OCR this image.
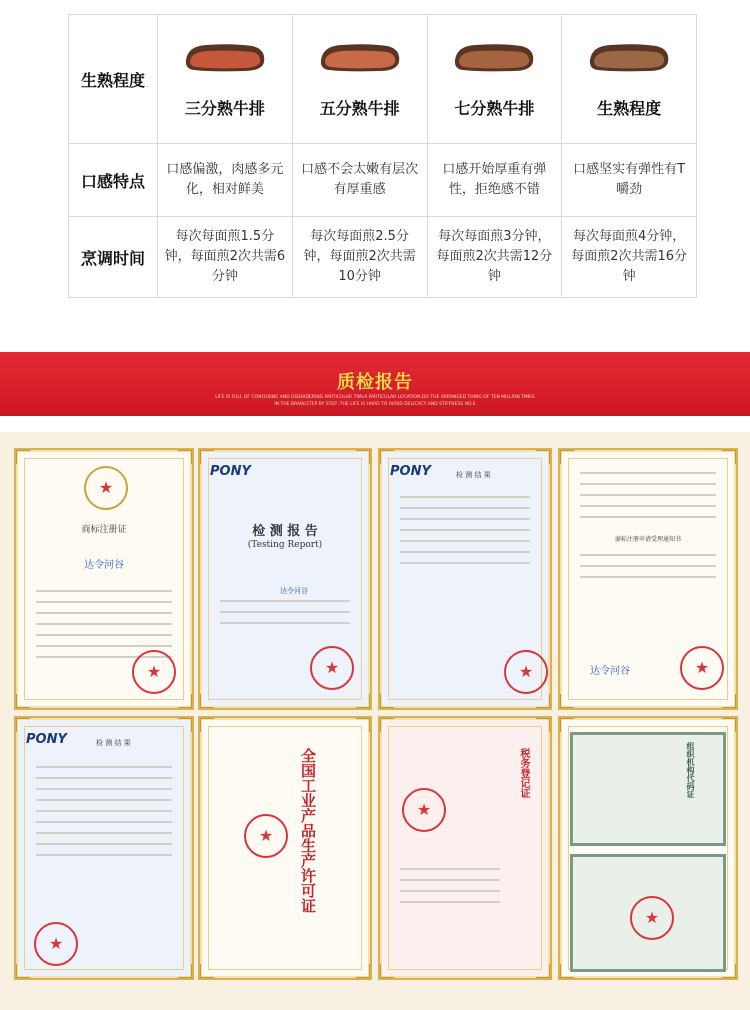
生熟程度	三分熟牛排	五分熟牛排	七分熟牛排	生熟程度

口感特点	口感偏激，肉感多元化，相对鲜美	口感不会太嫩有层次有厚重感	口感开始厚重有弹性，拒绝感不错	口感坚实有弹性有T嚼劲

烹调时间	每次每面煎1.5分钟，每面煎2次共需6分钟	每次每面煎2.5分钟，每面煎2次共需10分钟	每次每面煎3分钟，每面煎2次共需12分钟	每次每面煎4分钟，每面煎2次共需16分钟
质检报告
LIFE IS FULL OF CONFUSING AND DISORDERING PARTICULAR TIMLA PARTICULAR LOCATION,DO THE ARRANGED THING OF TEN MILLION TIMES IN THE BRAIN,STEP BY STEP ,THE LIFE IS HARD TO AVOID DELICACY AND STIFFNESS NO.E
★
商标注册证
达令河谷
★
PONY
检 测 报 告
(Testing Report)
达令河谷
★
PONY	检 测 结 果
★
商标注册申请受理通知书
达令河谷
★
PONY	检 测 结 果
★
全国工业产品生产许可证
★	税务登记证
★	组织机构代码证
★
